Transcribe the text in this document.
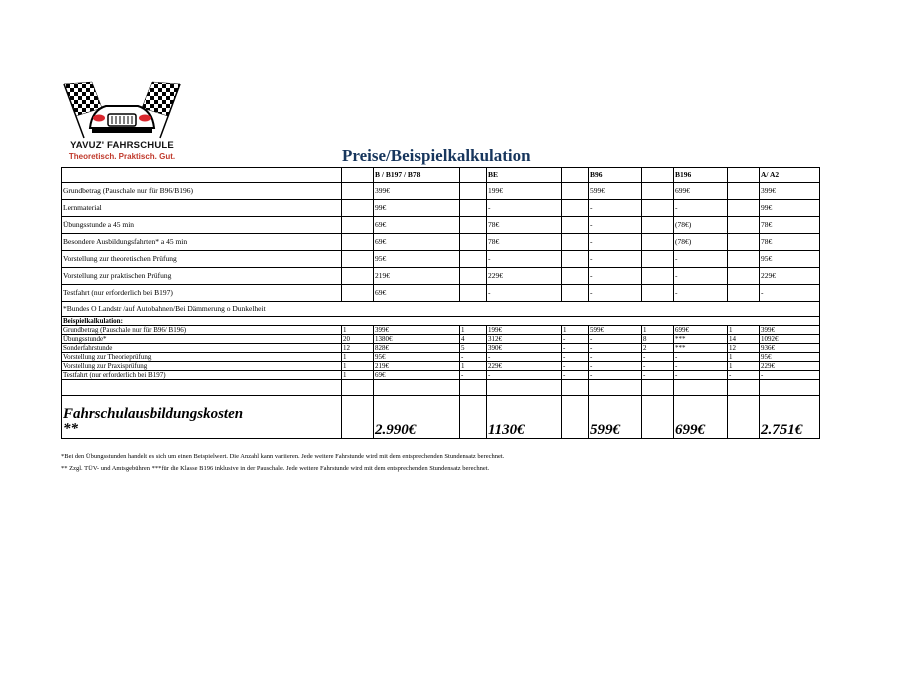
YAVUZ' FAHRSCHULE
Theoretisch. Praktisch. Gut.	Preise/Beispielkalkulation
		B / B197 / B78		BE		B96		B196		A/ A2
Grundbetrag (Pauschale nur für B96/B196)		399€		199€		599€		699€		399€
Lernmaterial		99€		-		-		-		99€
Übungsstunde a 45 min		69€		78€		-		(78€)		78€
Besondere Ausbildungsfahrten* a 45 min		69€		78€		-		(78€)		78€
Vorstellung zur theoretischen Prüfung		95€		-		-		-		95€
Vorstellung zur praktischen Prüfung		219€		229€		-		-		229€
Testfahrt (nur erforderlich bei B197)		69€		-		-		-		-
*Bundes O Landstr /auf Autobahnen/Bei Dämmerung o Dunkelheit										
Beispielkalkulation:										
Grundbetrag (Pauschale nur für B96/ B196)	1	399€	1	199€	1	599€	1	699€	1	399€
Übungsstunde*	20	1380€	4	312€	-	-	8	***	14	1092€
Sonderfahrstunde	12	828€	5	390€	-	-	2	***	12	936€
Vorstellung zur Theorieprüfung	1	95€	-	-	-	-	-	-	1	95€
Vorstellung zur Praxisprüfung	1	219€	1	229€	-	-	-	-	1	229€
Testfahrt (nur erforderlich bei B197)	1	69€	-	-	-	-	-	-	-	-

Fahrschulausbildungskosten
**		2.990€		1130€		599€		699€		2.751€
*Bei den Übungsstunden handelt es sich um einen Beispielwert. Die Anzahl kann variieren. Jede weitere Fahrstunde wird mit dem entsprechenden Stundensatz berechnet.
** Zzgl. TÜV- und Amtsgebühren ***für die Klasse B196 inklusive in der Pauschale. Jede weitere Fahrstunde wird mit dem entsprechenden Stundensatz berechnet.
